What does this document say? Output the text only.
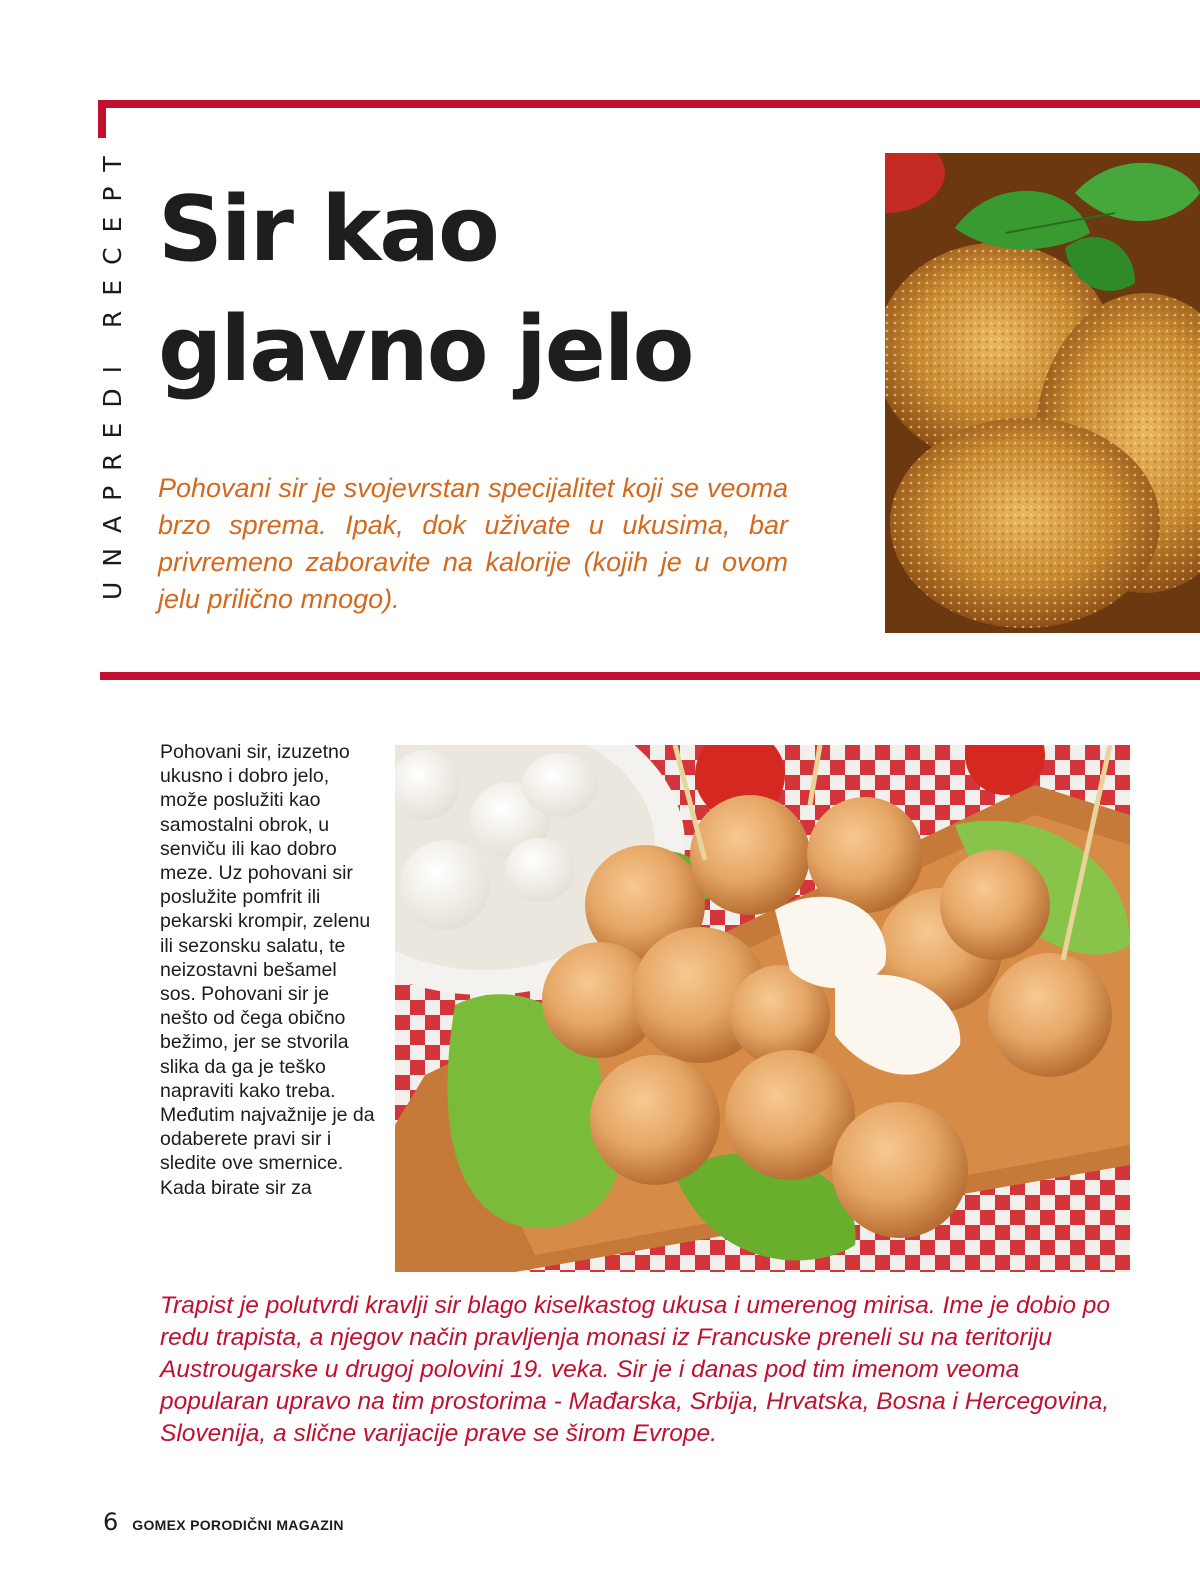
UNAPREDI RECEPT Sir kao
glavno jelo

Pohovani sir je svojevrstan specijalitet koji se veoma brzo sprema. Ipak, dok uživate u ukusima, bar privremeno zaboravite na kalorije (kojih je u ovom jelu prilično mnogo).

Pohovani sir, izuzetno ukusno i dobro jelo, može poslužiti kao samostalni obrok, u senviču ili kao dobro meze. Uz pohovani sir poslužite pomfrit ili pekarski krompir, zelenu ili sezonsku salatu, te neizostavni bešamel sos. Pohovani sir je nešto od čega obično bežimo, jer se stvorila slika da ga je teško napraviti kako treba. Međutim najvažnije je da odaberete pravi sir i sledite ove smernice. Kada birate sir za

Trapist je polutvrdi kravlji sir blago kiselkastog ukusa i umerenog mirisa. Ime je dobio po redu trapista, a njegov način pravljenja monasi iz Francuske preneli su na teritoriju Austrougarske u drugoj polovini 19. veka. Sir je i danas pod tim imenom veoma popularan upravo na tim prostorima - Mađarska, Srbija, Hrvatska, Bosna i Hercegovina, Slovenija, a slične varijacije prave se širom Evrope.

6 GOMEX PORODIČNI MAGAZIN
